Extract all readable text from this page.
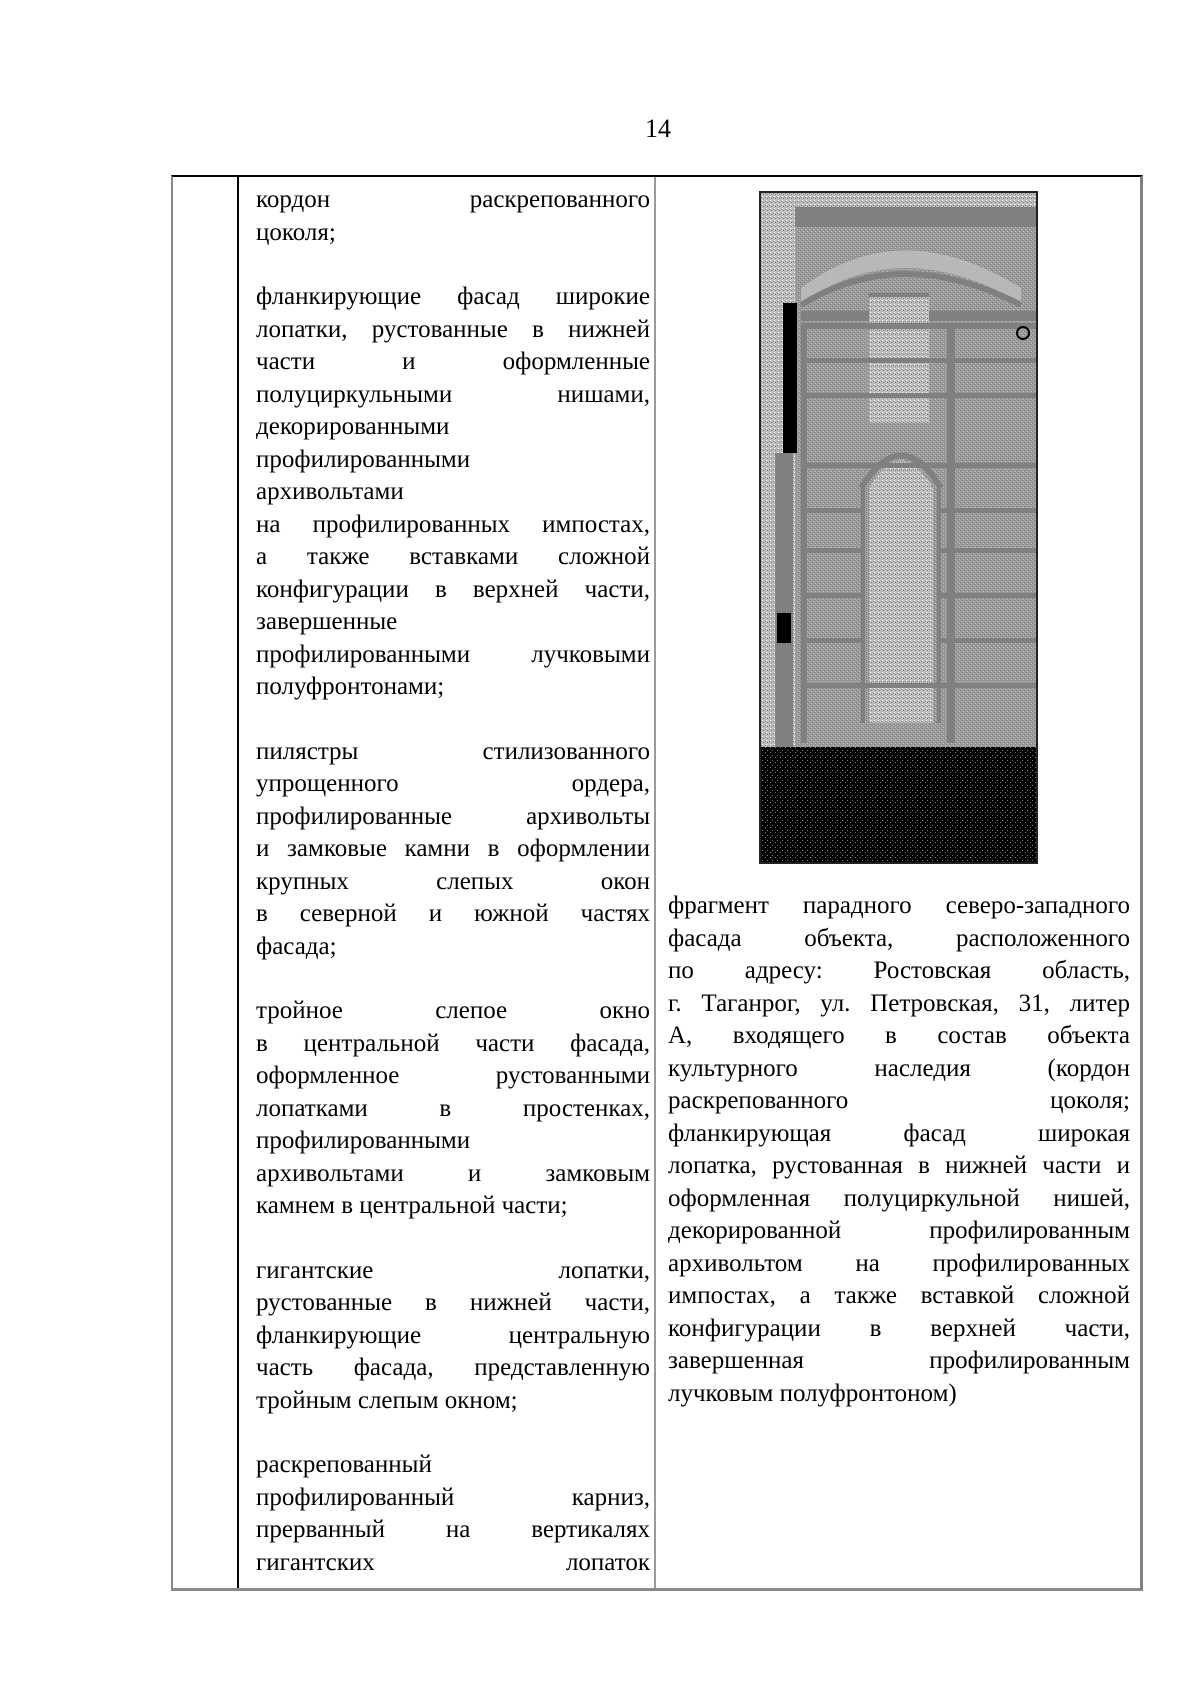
14

кордон раскрепованного
цоколя;

фланкирующие фасад широкие
лопатки, рустованные в нижней
части и оформленные
полуциркульными нишами,
декорированными
профилированными
архивольтами
на профилированных импостах,
а также вставками сложной
конфигурации в верхней части,
завершенные
профилированными лучковыми
полуфронтонами;

пилястры стилизованного
упрощенного ордера,
профилированные архивольты
и замковые камни в оформлении
крупных слепых окон
в северной и южной частях
фасада;

тройное слепое окно
в центральной части фасада,
оформленное рустованными
лопатками в простенках,
профилированными
архивольтами и замковым
камнем в центральной части;

гигантские лопатки,
рустованные в нижней части,
фланкирующие центральную
часть фасада, представленную
тройным слепым окном;

раскрепованный
профилированный карниз,
прерванный на вертикалях
гигантских лопаток

фрагмент парадного северо-западного
фасада объекта, расположенного
по адресу: Ростовская область,
г. Таганрог, ул. Петровская, 31, литер
А, входящего в состав объекта
культурного наследия (кордон
раскрепованного цоколя;
фланкирующая фасад широкая
лопатка, рустованная в нижней части и
оформленная полуциркульной нишей,
декорированной профилированным
архивольтом на профилированных
импостах, а также вставкой сложной
конфигурации в верхней части,
завершенная профилированным
лучковым полуфронтоном)
